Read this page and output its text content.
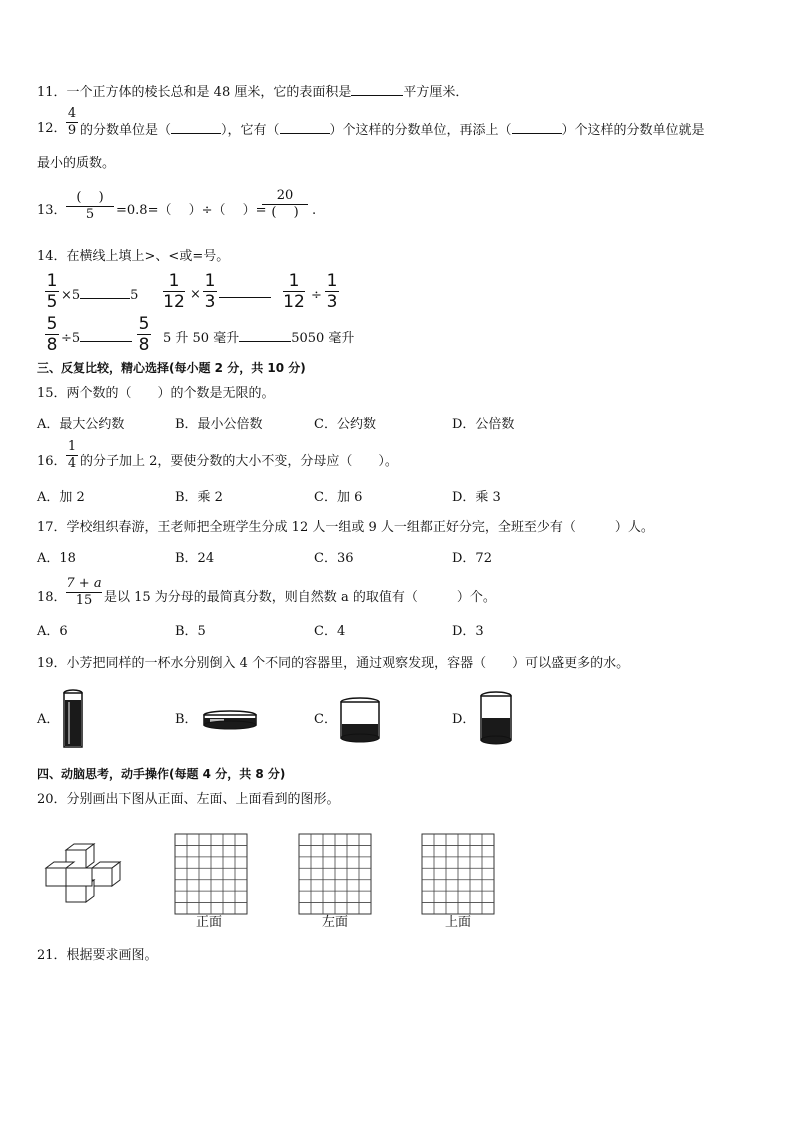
11．一个正方体的棱长总和是 48 厘米，它的表面积是	平方厘米．
12．
4
9 的分数单位是（	），它有（	）个这样的分数单位，再添上（	）个这样的分数单位就是
最小的质数。
13．
(　 )
5	=0.8=（　 ）÷（　 ）=
20
(　 )	.
14．在横线上填上>、<或=号。
1
5 ×5	5
1
12 ×
1
3
1
12 ÷
1
3
5
8 ÷5
5
8 5 升 50 毫升	5050 毫升
三、反复比较，精心选择(每小题 2 分，共 10 分)
15．两个数的（　　）的个数是无限的。
A．最大公约数	B．最小公倍数	C．公约数	D．公倍数
16．
1
4 的分子加上 2，要使分数的大小不变，分母应（　　）。
A．加 2	B．乘 2	C．加 6	D．乘 3
17．学校组织春游，王老师把全班学生分成 12 人一组或 9 人一组都正好分完，全班至少有（　　　）人。
A．18	B．24	C．36	D．72
18．
7 + a
15 是以 15 为分母的最简真分数，则自然数 a 的取值有（　　　）个。
A．6	B．5	C．4	D．3
19．小芳把同样的一杯水分别倒入 4 个不同的容器里，通过观察发现，容器（　　）可以盛更多的水。
A．	B．	C．	D．
四、动脑思考，动手操作(每题 4 分，共 8 分)
20．分别画出下图从正面、左面、上面看到的图形。
正面	左面	上面
21．根据要求画图。
